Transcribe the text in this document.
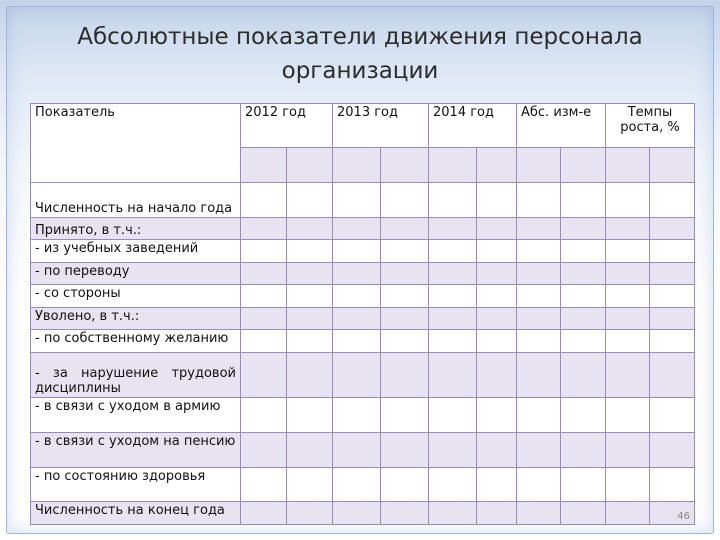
Абсолютные показатели движения персонала
организации
Показатель	2012 год		2013 год		2014 год		Абс. изм-е		Темпы роста, %	

Численность на начало года										
Принято, в т.ч.:										
- из учебных заведений										
- по переводу										
- со стороны										
Уволено, в т.ч.:										
- по собственному желанию										
- за нарушение трудовой дисциплины										
- в связи с уходом в армию										
- в связи с уходом на пенсию										
- по состоянию здоровья										
Численность на конец года										46
